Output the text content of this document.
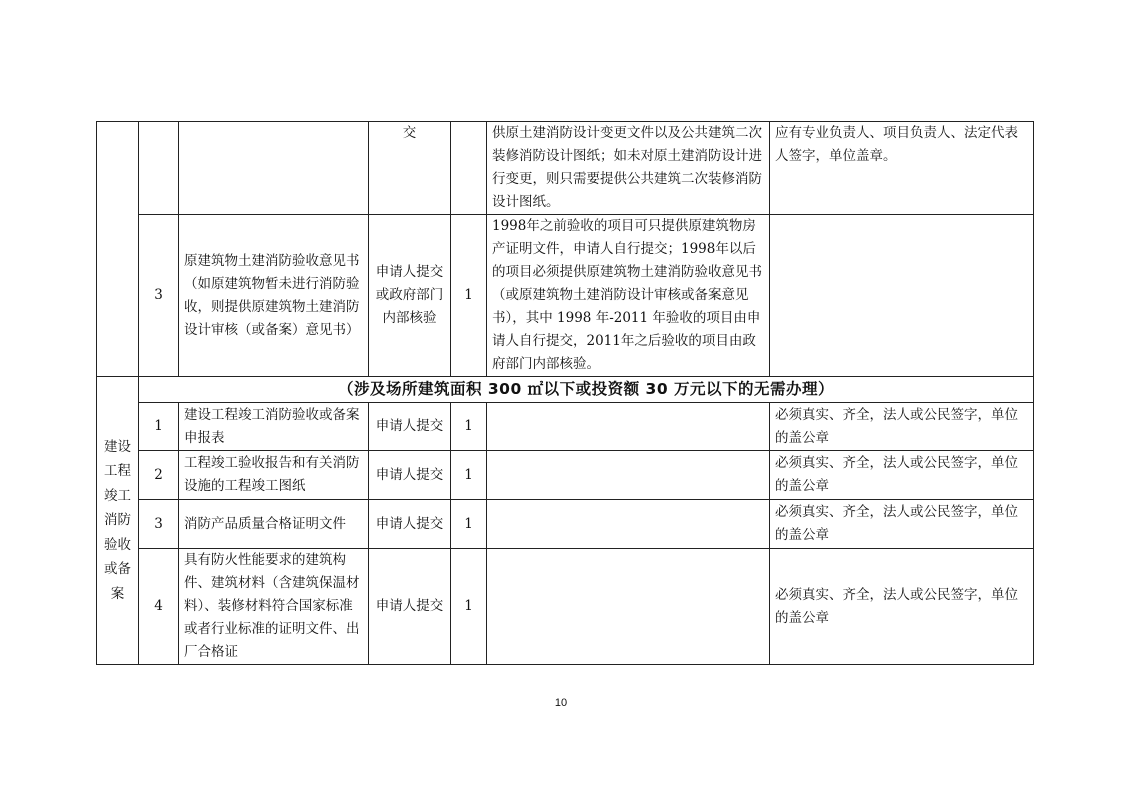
			交		供原土建消防设计变更文件以及公共建筑二次装修消防设计图纸；如未对原土建消防设计进行变更，则只需要提供公共建筑二次装修消防设计图纸。	应有专业负责人、项目负责人、法定代表人签字，单位盖章。
	3	原建筑物土建消防验收意见书（如原建筑物暂未进行消防验收，则提供原建筑物土建消防设计审核（或备案）意见书）	申请人提交或政府部门内部核验	1	1998年之前验收的项目可只提供原建筑物房产证明文件，申请人自行提交；1998年以后的项目必须提供原建筑物土建消防验收意见书（或原建筑物土建消防设计审核或备案意见书），其中 1998 年-2011 年验收的项目由申请人自行提交，2011年之后验收的项目由政府部门内部核验。	
建设工程竣工消防验收或备案	（涉及场所建筑面积 300 ㎡以下或投资额 30 万元以下的无需办理）					
	1	建设工程竣工消防验收或备案申报表	申请人提交	1		必须真实、齐全，法人或公民签字，单位的盖公章
	2	工程竣工验收报告和有关消防设施的工程竣工图纸	申请人提交	1		必须真实、齐全，法人或公民签字，单位的盖公章
	3	消防产品质量合格证明文件	申请人提交	1		必须真实、齐全，法人或公民签字，单位的盖公章
	4	具有防火性能要求的建筑构件、建筑材料（含建筑保温材料）、装修材料符合国家标准或者行业标准的证明文件、出厂合格证	申请人提交	1		必须真实、齐全，法人或公民签字，单位的盖公章
10
